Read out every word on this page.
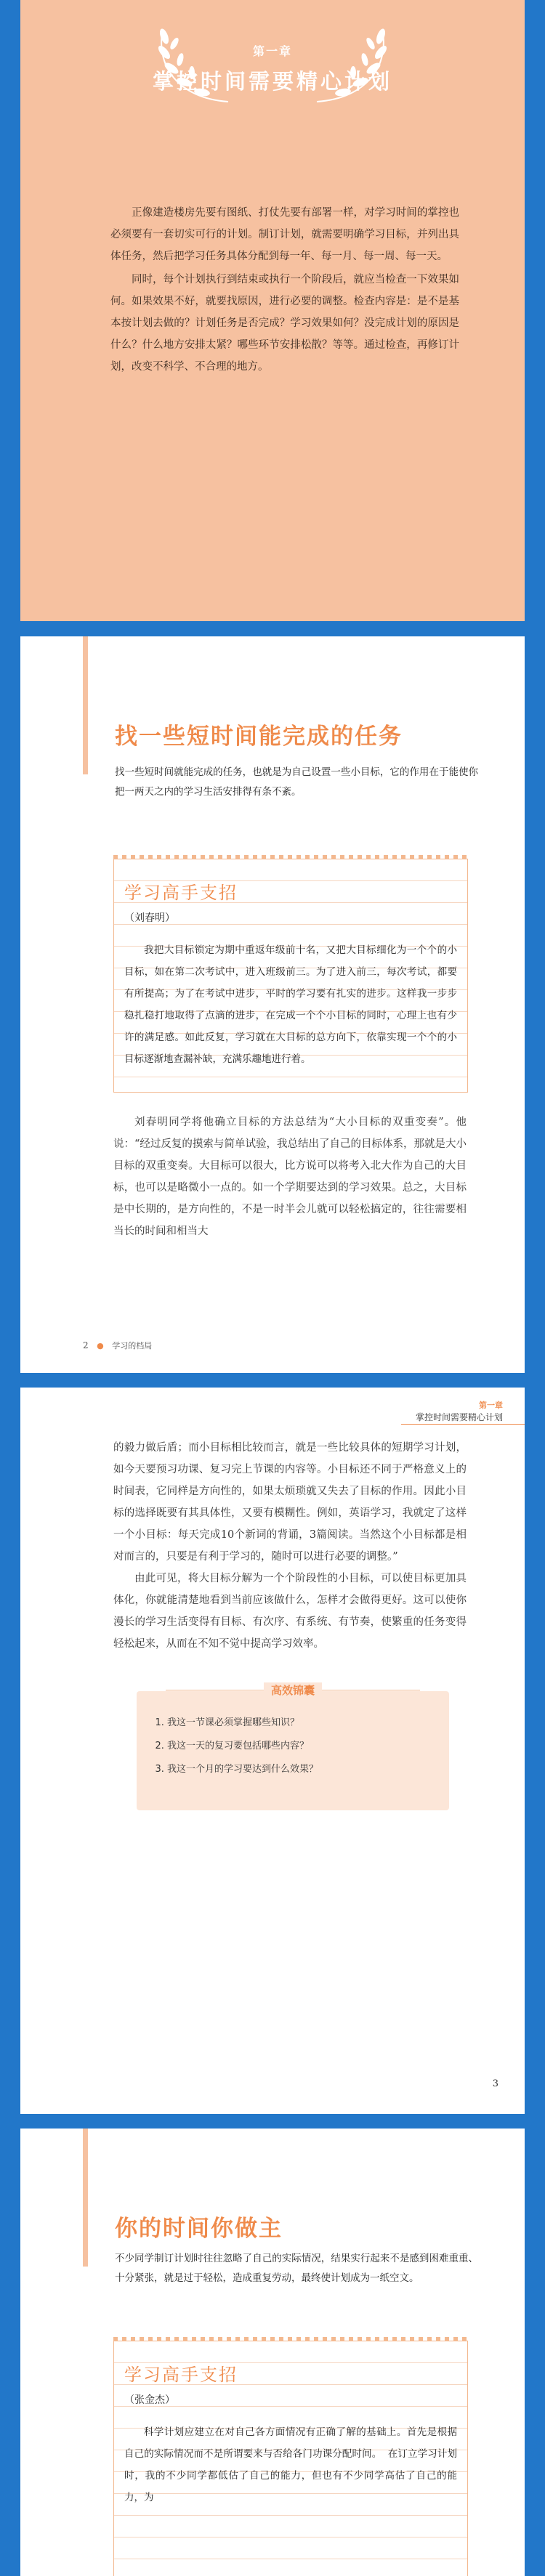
第一章
掌控时间需要精心计划

正像建造楼房先要有图纸、打仗先要有部署一样，对学习时间的掌控也必须要有一套切实可行的计划。制订计划，就需要明确学习目标，并列出具体任务，然后把学习任务具体分配到每一年、每一月、每一周、每一天。

同时，每个计划执行到结束或执行一个阶段后，就应当检查一下效果如何。如果效果不好，就要找原因，进行必要的调整。检查内容是：是不是基本按计划去做的？计划任务是否完成？学习效果如何？没完成计划的原因是什么？什么地方安排太紧？哪些环节安排松散？等等。通过检查，再修订计划，改变不科学、不合理的地方。

找一些短时间能完成的任务
找一些短时间就能完成的任务，也就是为自己设置一些小目标，它的作用在于能使你把一两天之内的学习生活安排得有条不紊。
学习高手支招
（刘春明）
我把大目标锁定为期中重返年级前十名，又把大目标细化为一个个的小目标，如在第二次考试中，进入班级前三。为了进入前三，每次考试，都要有所提高；为了在考试中进步，平时的学习要有扎实的进步。这样我一步步稳扎稳打地取得了点滴的进步，在完成一个个小目标的同时，心理上也有少许的满足感。如此反复，学习就在大目标的总方向下，依靠实现一个个的小目标逐渐地查漏补缺，充满乐趣地进行着。

刘春明同学将他确立目标的方法总结为“大小目标的双重变奏”。他说：“经过反复的摸索与简单试验，我总结出了自己的目标体系，那就是大小目标的双重变奏。大目标可以很大，比方说可以将考入北大作为自己的大目标，也可以是略微小一点的。如一个学期要达到的学习效果。总之，大目标是中长期的，是方向性的，不是一时半会儿就可以轻松搞定的，往往需要相当长的时间和相当大

2 ● 学习的档局
第一章
掌控时间需要精心计划

的毅力做后盾；而小目标相比较而言，就是一些比较具体的短期学习计划，如今天要预习功课、复习完上节课的内容等。小目标还不同于严格意义上的时间表，它同样是方向性的，如果太烦琐就又失去了目标的作用。因此小目标的选择既要有其具体性，又要有模糊性。例如，英语学习，我就定了这样一个小目标：每天完成10个新词的背诵，3篇阅读。当然这个小目标都是相对而言的，只要是有利于学习的，随时可以进行必要的调整。”

由此可见，将大目标分解为一个个阶段性的小目标，可以使目标更加具体化，你就能清楚地看到当前应该做什么，怎样才会做得更好。这可以使你漫长的学习生活变得有目标、有次序、有系统、有节奏，使繁重的任务变得轻松起来，从而在不知不觉中提高学习效率。

高效锦囊
1. 我这一节课必须掌握哪些知识？
2. 我这一天的复习要包括哪些内容？
3. 我这一个月的学习要达到什么效果？
3
你的时间你做主
不少同学制订计划时往往忽略了自己的实际情况，结果实行起来不是感到困难重重、十分紧张，就是过于轻松，造成重复劳动，最终使计划成为一纸空文。
学习高手支招
（张金杰）
科学计划应建立在对自己各方面情况有正确了解的基础上。首先是根据自己的实际情况而不是所谓要来与否给各门功课分配时间。 在订立学习计划时，我的不少同学都低估了自己的能力，但也有不少同学高估了自己的能力，为
